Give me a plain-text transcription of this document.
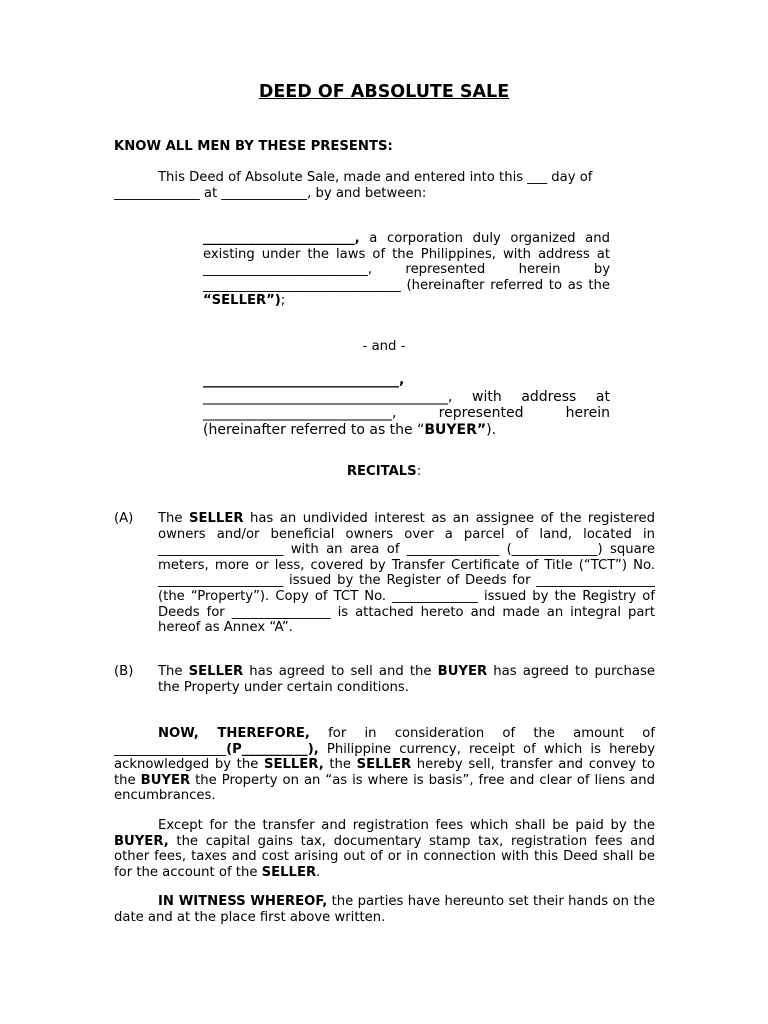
DEED OF ABSOLUTE SALE
KNOW ALL MEN BY THESE PRESENTS:
This Deed of Absolute Sale, made and entered into this ___ day of _____________ at _____________, by and between:
_______________________, a corporation duly organized and existing under the laws of the Philippines, with address at _________________________, represented herein by ______________________________ (hereinafter referred to as the “SELLER”);
- and -
____________________________, ___________________________________, with address at ___________________________, represented herein (hereinafter referred to as the “BUYER”).
RECITALS:
(A)	The SELLER has an undivided interest as an assignee of the registered owners and/or beneficial owners over a parcel of land, located in ___________________ with an area of ______________ (_____________) square meters, more or less, covered by Transfer Certificate of Title (“TCT”) No. ___________________ issued by the Register of Deeds for __________________ (the “Property”). Copy of TCT No. _____________ issued by the Registry of Deeds for _______________ is attached hereto and made an integral part hereof as Annex “A”.
(B)	The SELLER has agreed to sell and the BUYER has agreed to purchase the Property under certain conditions.
NOW, THEREFORE, for in consideration of the amount of _________________(P__________), Philippine currency, receipt of which is hereby acknowledged by the SELLER, the SELLER hereby sell, transfer and convey to the BUYER the Property on an “as is where is basis”, free and clear of liens and encumbrances.
Except for the transfer and registration fees which shall be paid by the BUYER, the capital gains tax, documentary stamp tax, registration fees and other fees, taxes and cost arising out of or in connection with this Deed shall be for the account of the SELLER.
IN WITNESS WHEREOF, the parties have hereunto set their hands on the date and at the place first above written.
